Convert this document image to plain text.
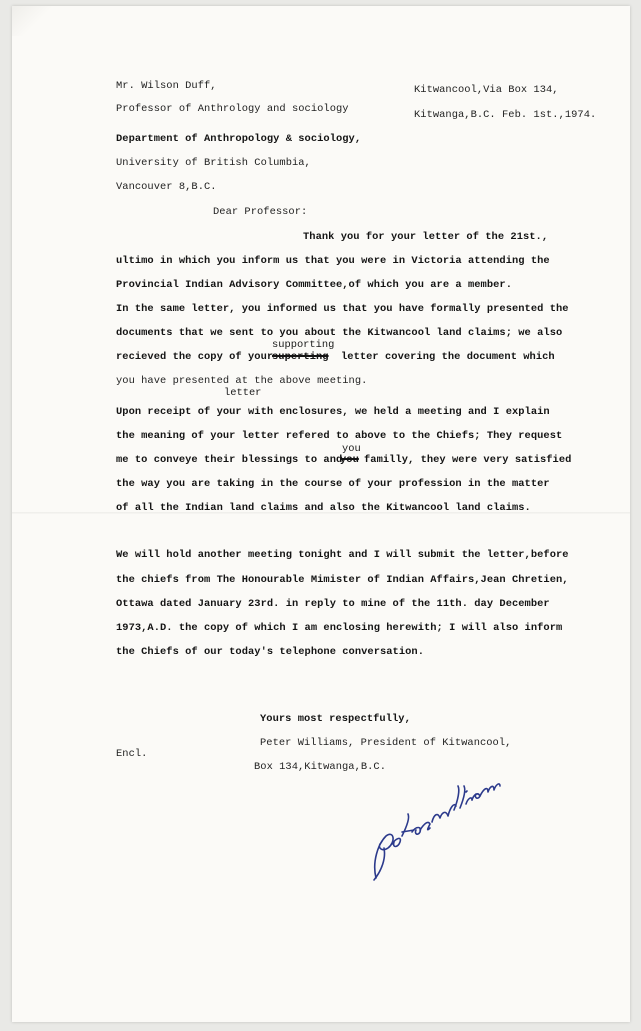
Mr. Wilson Duff,
Professor of Anthrology and sociology
Department of Anthropology & sociology,
University of British Columbia,
Vancouver 8,B.C.
Kitwancool,Via Box 134,
Kitwanga,B.C. Feb. 1st.,1974.
Dear Professor:
Thank you for your letter of the 21st.,
ultimo in which you inform us that you were in Victoria attending the
Provincial Indian Advisory Committee,of which you are a member.
In the same letter, you informed us that you have formally presented the
documents that we sent to you about the Kitwancool land claims; we also
supporting
recieved the copy of your
superting letter covering the document which
you have presented at the above meeting.
letter
Upon receipt of your with enclosures, we held a meeting and I explain
the meaning of your letter refered to above to the Chiefs; They request
you
me to conveye their blessings to and
you familly, they were very satisfied
the way you are taking in the course of your profession in the matter
of all the Indian land claims and also the Kitwancool land claims.
We will hold another meeting tonight and I will submit the letter,before
the chiefs from The Honourable Mimister of Indian Affairs,Jean Chretien,
Ottawa dated January 23rd. in reply to mine of the 11th. day December
1973,A.D. the copy of which I am enclosing herewith; I will also inform
the Chiefs of our today's telephone conversation.
Yours most respectfully,
Peter Williams, President of Kitwancool,
Encl.
Box 134,Kitwanga,B.C.
